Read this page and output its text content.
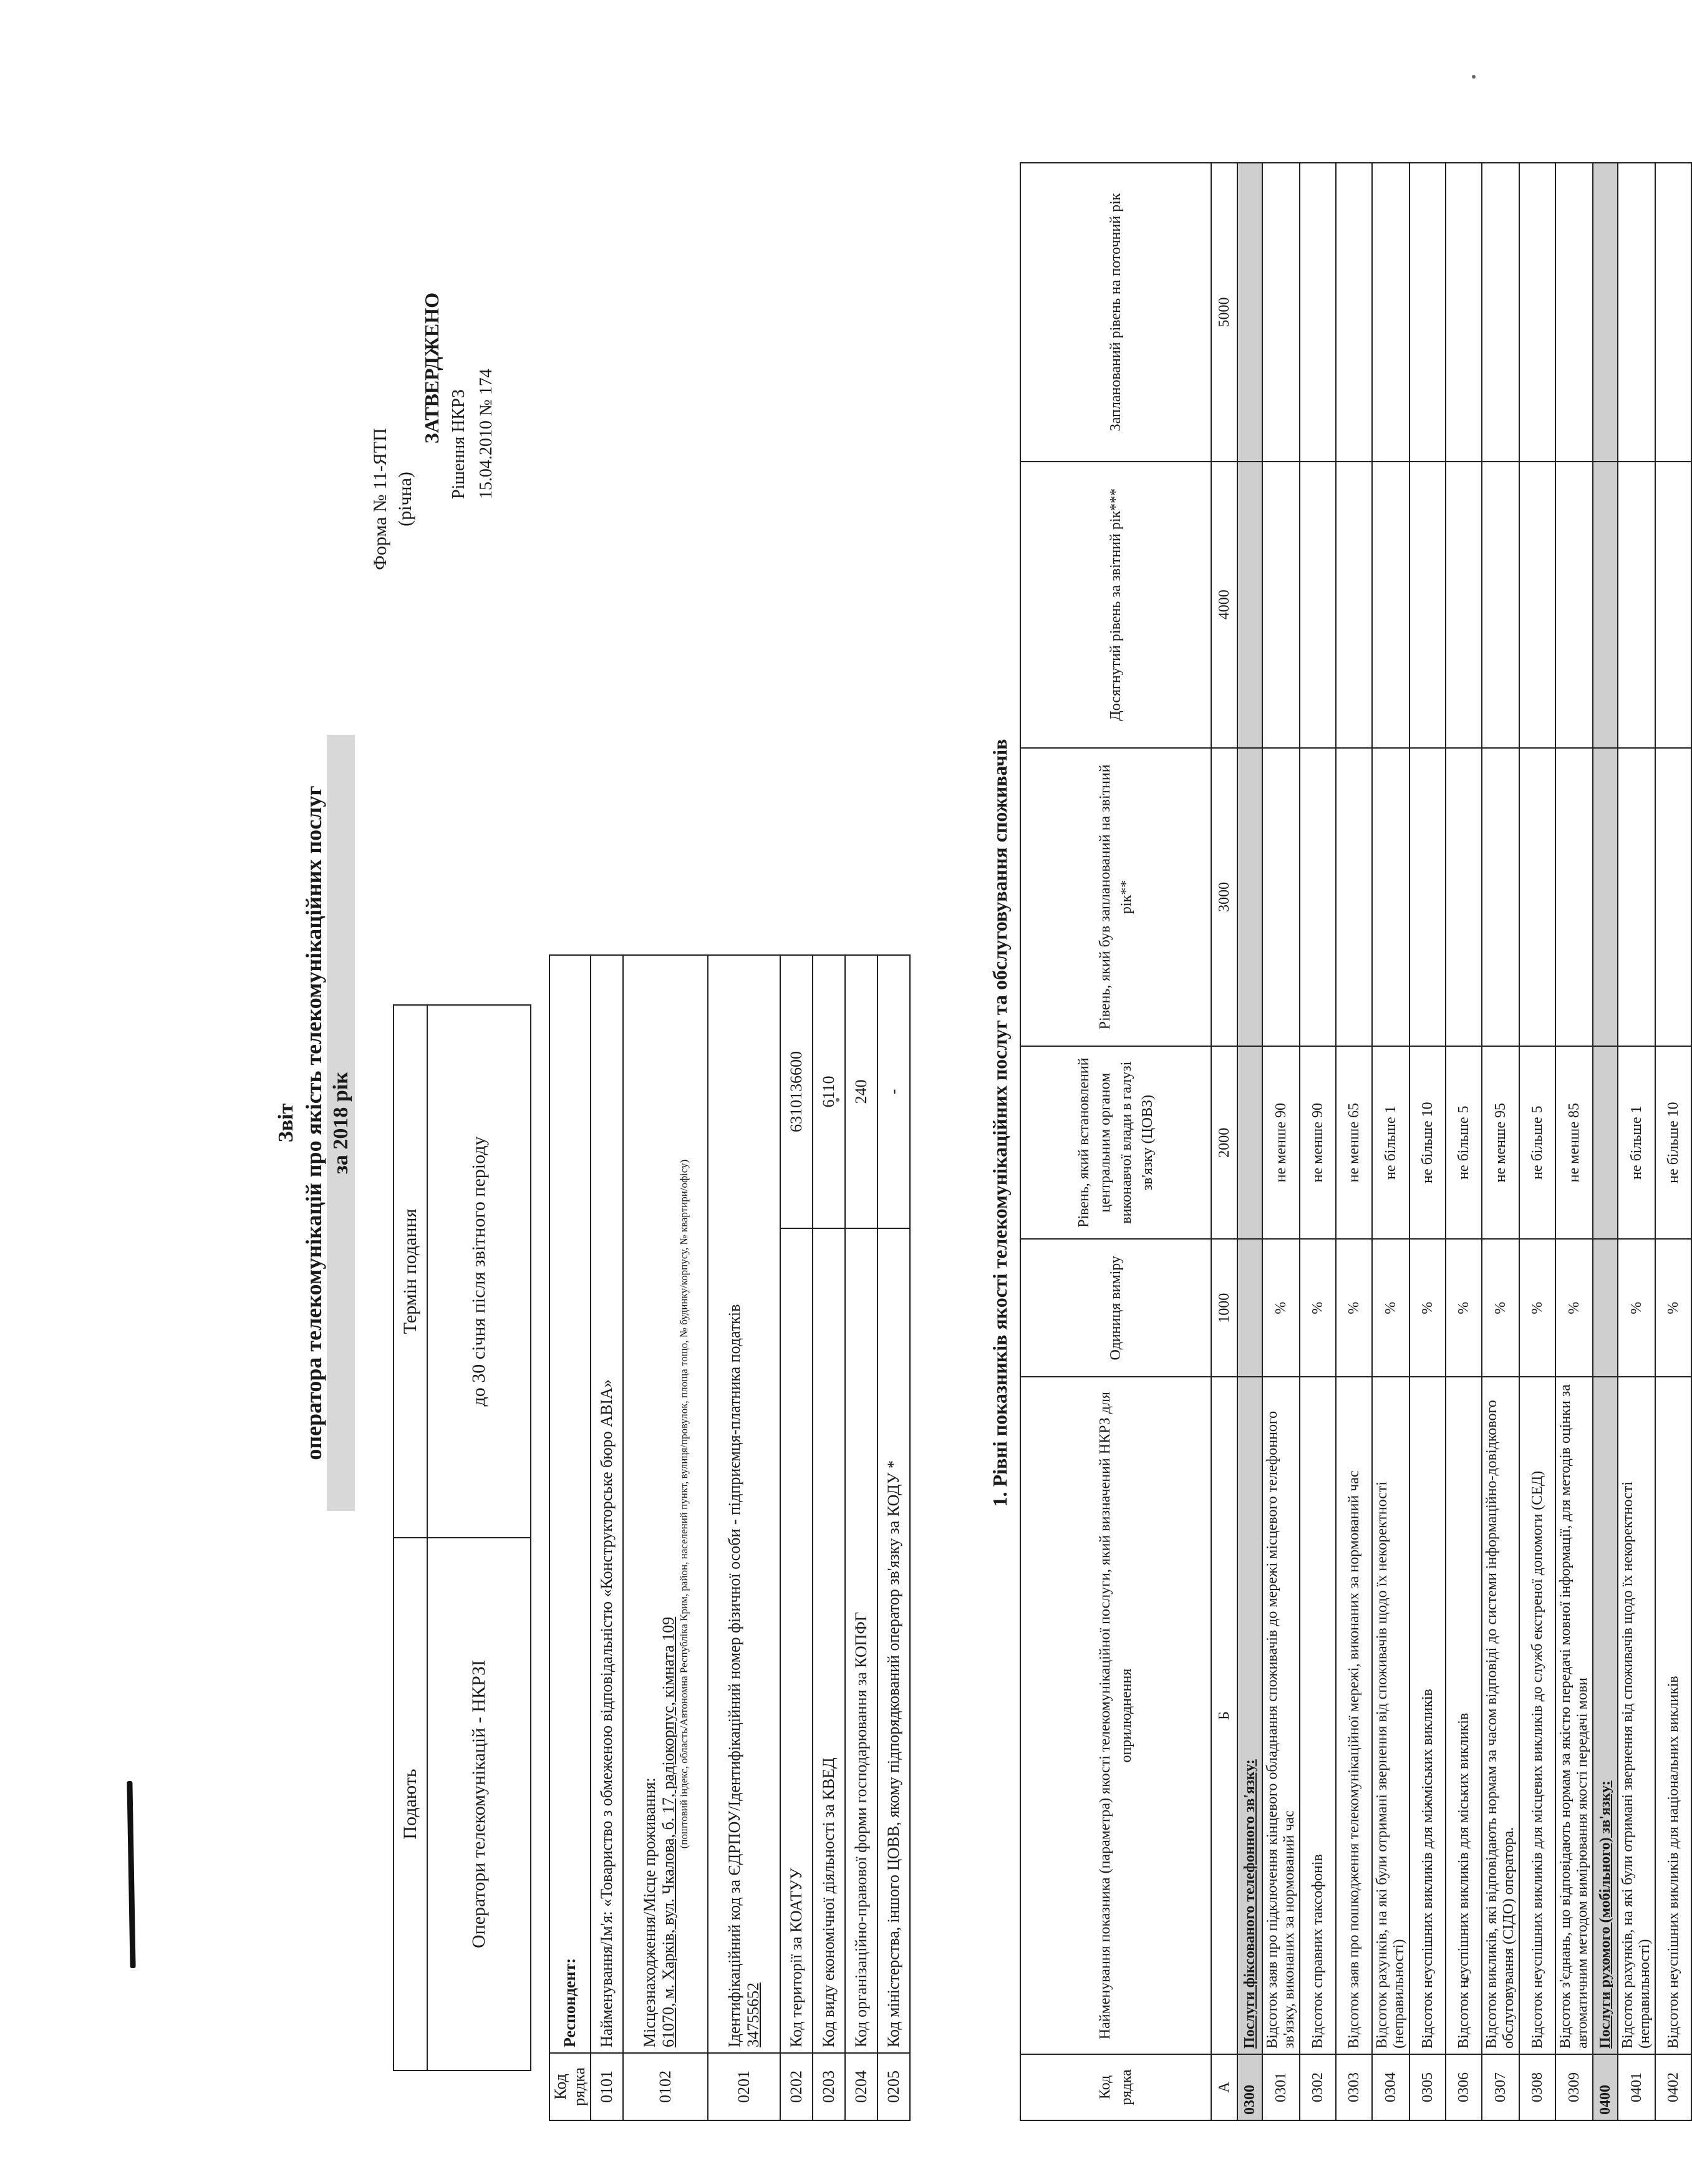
Звіт оператора телекомунікацій про якість телекомунікаційних послуг за 2018 рік
Форма № 11-ЯТП (річна)
ЗАТВЕРДЖЕНО
Рішення НКРЗ 15.04.2010 № 174
Подають	Термін подання
Оператори телекомунікацій - НКРЗІ	до 30 січня після звітного періоду
Код рядка	Респондент:	
0101	Найменування/Ім'я: «Товариство з обмеженою відповідальністю «Конструкторське бюро АВІА»	
0102	Місцезнаходження/Місце проживання: 61070, м. Харків, вул. Чкалова, б. 17, радіокорпус, кімната 109 (поштовий індекс, область/Автономна Республіка Крим, район, населений пункт, вулиця/провулок, площа тощо, № будинку/корпусу, № квартири/офісу)	

0201	Ідентифікаційний код за ЄДРПОУ/Ідентифікаційний номер фізичної особи - підприємця-платника податків 34755652	

0202	Код території за КОАТУУ	6310136600
0203	Код виду економічної діяльності за КВЕД	6110
0204	Код організаційно-правової форми господарювання за КОПФГ	240
0205	Код міністерства, іншого ЦОВВ, якому підпорядкований оператор зв'язку за КОДУ *	-	1. Рівні показників якості телекомунікаційних послуг та обслуговування споживачів
Код рядка	Найменування показника (параметра) якості телекомунікаційної послуги, який визначений НКРЗ для оприлюднення	Одиниця виміру	Рівень, який встановлений центральним органом виконавчої влади в галузі зв'язку (ЦОВЗ)	Рівень, який був запланований на звітний рік**	Досягнутий рівень за звітний рік***	Запланований рівень на поточний рік
А	Б	1000	2000	3000	4000	5000
0300	Послуги фіксованого телефонного зв'язку:					
0301	Відсоток заяв про підключення кінцевого обладнання споживачів до мережі місцевого телефонного зв'язку, виконаних за нормований час	%	не менше 90			
0302	Відсоток справних таксофонів	%	не менше 90			
0303	Відсоток заяв про пошкодження телекомунікаційної мережі, виконаних за нормований час	%	не менше 65			
0304	Відсоток рахунків, на які були отримані звернення від споживачів щодо їх некоректності (неправильності)	%	не більше 1			
0305	Відсоток неуспішних викликів для міжміських викликів	%	не більше 10			
0306	Відсоток неуспішних викликів для міських викликів	%	не більше 5			
0307	Відсоток викликів, які відповідають нормам за часом відповіді до системи інформаційно-довідкового обслуговування (СІДО) оператора.	%	не менше 95			
0308	Відсоток неуспішних викликів для місцевих викликів до служб екстреної допомоги (СЕД)	%	не більше 5			
0309	Відсоток з'єднань, що відповідають нормам за якістю передачі мовної інформації, для методів оцінки за автоматичним методом вимірювання якості передачі мови	%	не менше 85			
0400	Послуги рухомого (мобільного) зв'язку:					
0401	Відсоток рахунків, на які були отримані звернення від споживачів щодо їх некоректності (неправильності)	%	не більше 1			
0402	Відсоток неуспішних викликів для національних викликів	%	не більше 10			
